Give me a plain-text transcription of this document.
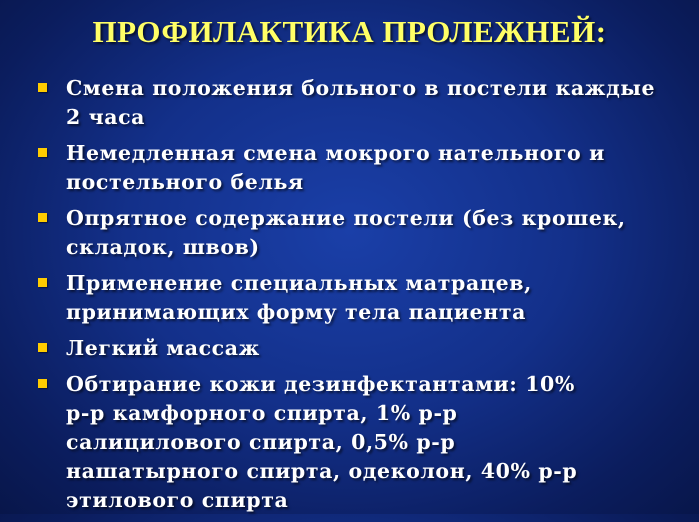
ПРОФИЛАКТИКА ПРОЛЕЖНЕЙ:
Смена положения больного в постели каждые 2 часа
Немедленная смена мокрого нательного и постельного белья
Опрятное содержание постели (без крошек, складок, швов)
Применение специальных матрацев, принимающих форму тела пациента
Легкий массаж
Обтирание кожи дезинфектантами: 10% р-р камфорного спирта, 1% р-р салицилового спирта, 0,5% р-р нашатырного спирта, одеколон, 40% р-р этилового спирта
